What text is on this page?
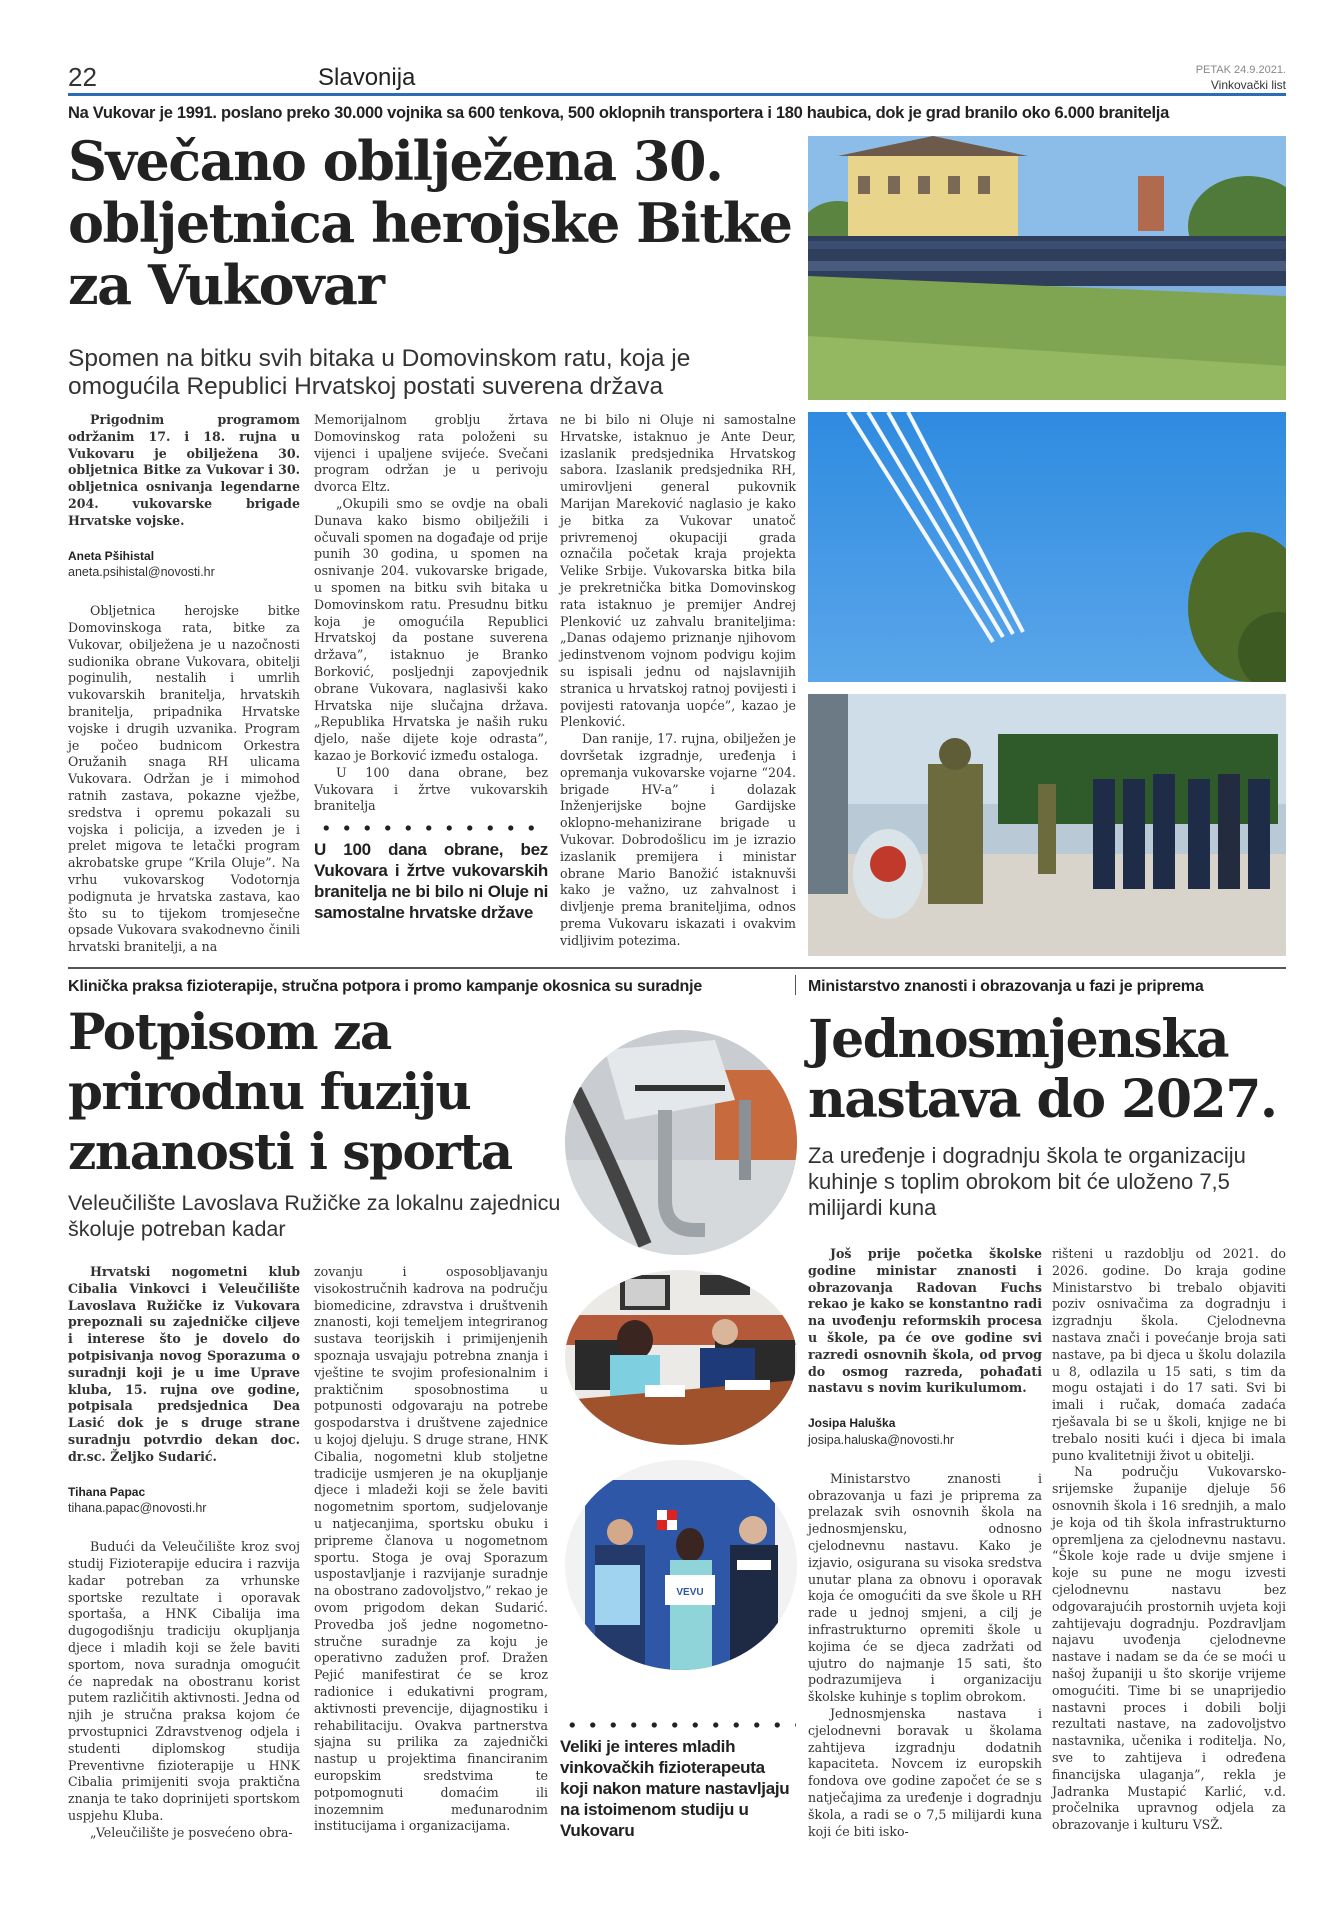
22	Slavonija	PETAK 24.9.2021.
Vinkovački list
Na Vukovar je 1991. poslano preko 30.000 vojnika sa 600 tenkova, 500 oklopnih transportera i 180 haubica, dok je grad branilo oko 6.000 branitelja
Svečano obilježena 30. obljetnica herojske Bitke za Vukovar
Spomen na bitku svih bitaka u Domovinskom ratu, koja je omogućila Republici Hrvatskoj postati suverena država

Prigodnim programom održanim 17. i 18. rujna u Vukovaru je obilježena 30. obljetnica Bitke za Vukovar i 30. obljetnica osnivanja legendarne 204. vukovarske brigade Hrvatske vojske.

Aneta Pšihistal

aneta.psihistal@novosti.hr

Obljetnica herojske bitke Domovinskoga rata, bitke za Vukovar, obilježena je u nazočnosti sudionika obrane Vukovara, obitelji poginulih, nestalih i umrlih vukovarskih branitelja, hrvatskih branitelja, pripadnika Hrvatske vojske i drugih uzvanika. Program je počeo budnicom Orkestra Oružanih snaga RH ulicama Vukovara. Održan je i mimohod ratnih zastava, pokazne vježbe, sredstva i opremu pokazali su vojska i policija, a izveden je i prelet migova te letački program akrobatske grupe “Krila Oluje”. Na vrhu vukovarskog Vodotornja podignuta je hrvatska zastava, kao što su to tijekom tromjesečne opsade Vukovara svakodnevno činili hrvatski branitelji, a na

Memorijalnom groblju žrtava Domovinskog rata položeni su vijenci i upaljene svijeće. Svečani program održan je u perivoju dvorca Eltz.

„Okupili smo se ovdje na obali Dunava kako bismo obilježili i očuvali spomen na događaje od prije punih 30 godina, u spomen na osnivanje 204. vukovarske brigade, u spomen na bitku svih bitaka u Domovinskom ratu. Presudnu bitku koja je omogućila Republici Hrvatskoj da postane suverena država”, istaknuo je Branko Borković, posljednji zapovjednik obrane Vukovara, naglasivši kako Hrvatska nije slučajna država. „Republika Hrvatska je naših ruku djelo, naše dijete koje odrasta”, kazao je Borković između ostaloga.

U 100 dana obrane, bez Vukovara i žrtve vukovarskih branitelja

U 100 dana obrane, bez Vukovara i žrtve vukovarskih branitelja ne bi bilo ni Oluje ni samostalne hrvatske države

ne bi bilo ni Oluje ni samostalne Hrvatske, istaknuo je Ante Deur, izaslanik predsjednika Hrvatskog sabora. Izaslanik predsjednika RH, umirovljeni general pukovnik Marijan Mareković naglasio je kako je bitka za Vukovar unatoč privremenoj okupaciji grada označila početak kraja projekta Velike Srbije. Vukovarska bitka bila je prekretnička bitka Domovinskog rata istaknuo je premijer Andrej Plenković uz zahvalu braniteljima: „Danas odajemo priznanje njihovom jedinstvenom vojnom podvigu kojim su ispisali jednu od najslavnijih stranica u hrvatskoj ratnoj povijesti i povijesti ratovanja uopće”, kazao je Plenković.

Dan ranije, 17. rujna, obilježen je dovršetak izgradnje, uređenja i opremanja vukovarske vojarne “204. brigade HV-a” i dolazak Inženjerijske bojne Gardijske oklopno-mehanizirane brigade u Vukovar. Dobrodošlicu im je izrazio izaslanik premijera i ministar obrane Mario Banožić istaknuvši kako je važno, uz zahvalnost i divljenje prema braniteljima, odnos prema Vukovaru iskazati i ovakvim vidljivim potezima.

Klinička praksa fizioterapije, stručna potpora i promo kampanje okosnica su suradnje
Potpisom za prirodnu fuziju znanosti i sporta
Veleučilište Lavoslava Ružičke za lokalnu zajednicu školuje potreban kadar

Hrvatski nogometni klub Cibalia Vinkovci i Veleučilište Lavoslava Ružičke iz Vukovara prepoznali su zajedničke ciljeve i interese što je dovelo do potpisivanja novog Sporazuma o suradnji koji je u ime Uprave kluba, 15. rujna ove godine, potpisala predsjednica Dea Lasić dok je s druge strane suradnju potvrdio dekan doc. dr.sc. Željko Sudarić.

Tihana Papac

tihana.papac@novosti.hr

Budući da Veleučilište kroz svoj studij Fizioterapije educira i razvija kadar potreban za vrhunske sportske rezultate i oporavak sportaša, a HNK Cibalija ima dugogodišnju tradiciju okupljanja djece i mladih koji se žele baviti sportom, nova suradnja omogućit će napredak na obostranu korist putem različitih aktivnosti. Jedna od njih je stručna praksa kojom će prvostupnici Zdravstvenog odjela i studenti diplomskog studija Preventivne fizioterapije u HNK Cibalia primijeniti svoja praktična znanja te tako doprinijeti sportskom uspjehu Kluba.

„Veleučilište je posvećeno obra-

zovanju i osposobljavanju visokostručnih kadrova na području biomedicine, zdravstva i društvenih znanosti, koji temeljem integriranog sustava teorijskih i primijenjenih spoznaja usvajaju potrebna znanja i vještine te svojim profesionalnim i praktičnim sposobnostima u potpunosti odgovaraju na potrebe gospodarstva i društvene zajednice u kojoj djeluju. S druge strane, HNK Cibalia, nogometni klub stoljetne tradicije usmjeren je na okupljanje djece i mladeži koji se žele baviti nogometnim sportom, sudjelovanje u natjecanjima, sportsku obuku i pripreme članova u nogometnom sportu. Stoga je ovaj Sporazum uspostavljanje i razvijanje suradnje na obostrano zadovoljstvo,” rekao je ovom prigodom dekan Sudarić. Provedba još jedne nogometno-stručne suradnje za koju je operativno zadužen prof. Dražen Pejić manifestirat će se kroz radionice i edukativni program, aktivnosti prevencije, dijagnostiku i rehabilitaciju. Ovakva partnerstva sjajna su prilika za zajednički nastup u projektima financiranim europskim sredstvima te potpomognuti domaćim ili inozemnim međunarodnim institucijama i organizacijama.

VEVU
Veliki je interes mladih vinkovačkih fizioterapeuta koji nakon mature nastavljaju na istoimenom studiju u Vukovaru
Ministarstvo znanosti i obrazovanja u fazi je priprema
Jednosmjenska nastava do 2027.
Za uređenje i dogradnju škola te organizaciju kuhinje s toplim obrokom bit će uloženo 7,5 milijardi kuna

Još prije početka školske godine ministar znanosti i obrazovanja Radovan Fuchs rekao je kako se konstantno radi na uvođenju reformskih procesa u škole, pa će ove godine svi razredi osnovnih škola, od prvog do osmog razreda, pohađati nastavu s novim kurikulumom.

Josipa Haluška

josipa.haluska@novosti.hr

Ministarstvo znanosti i obrazovanja u fazi je priprema za prelazak svih osnovnih škola na jednosmjensku, odnosno cjelodnevnu nastavu. Kako je izjavio, osigurana su visoka sredstva unutar plana za obnovu i oporavak koja će omogućiti da sve škole u RH rade u jednoj smjeni, a cilj je infrastrukturno opremiti škole u kojima će se djeca zadržati od ujutro do najmanje 15 sati, što podrazumijeva i organizaciju školske kuhinje s toplim obrokom.

Jednosmjenska nastava i cjelodnevni boravak u školama zahtijeva izgradnju dodatnih kapaciteta. Novcem iz europskih fondova ove godine započet će se s natječajima za uređenje i dogradnju škola, a radi se o 7,5 milijardi kuna koji će biti isko-

rišteni u razdoblju od 2021. do 2026. godine. Do kraja godine Ministarstvo bi trebalo objaviti poziv osnivačima za dogradnju i izgradnju škola. Cjelodnevna nastava znači i povećanje broja sati nastave, pa bi djeca u školu dolazila u 8, odlazila u 15 sati, s tim da mogu ostajati i do 17 sati. Svi bi imali i ručak, domaća zadaća rješavala bi se u školi, knjige ne bi trebalo nositi kući i djeca bi imala puno kvalitetniji život u obitelji.

Na području Vukovarsko-srijemske županije djeluje 56 osnovnih škola i 16 srednjih, a malo je koja od tih škola infrastrukturno opremljena za cjelodnevnu nastavu. “Škole koje rade u dvije smjene i koje su pune ne mogu izvesti cjelodnevnu nastavu bez odgovarajućih prostornih uvjeta koji zahtijevaju dogradnju. Pozdravljam najavu uvođenja cjelodnevne nastave i nadam se da će se moći u našoj županiji u što skorije vrijeme omogućiti. Time bi se unaprijedio nastavni proces i dobili bolji rezultati nastave, na zadovoljstvo nastavnika, učenika i roditelja. No, sve to zahtijeva i određena financijska ulaganja”, rekla je Jadranka Mustapić Karlić, v.d. pročelnika upravnog odjela za obrazovanje i kulturu VSŽ.
